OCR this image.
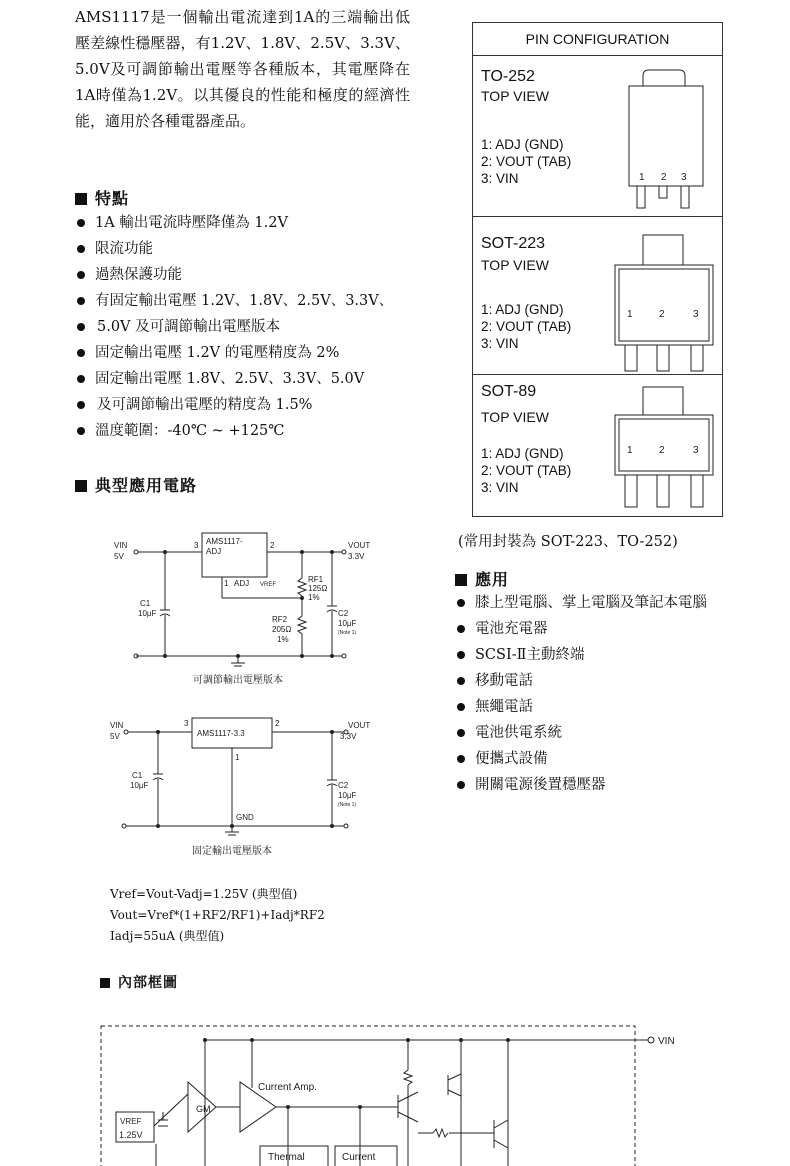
AMS1117是一個輸出電流達到1A的三端輸出低壓差線性穩壓器，有1.2V、1.8V、2.5V、3.3V、5.0V及可調節輸出電壓等各種版本，其電壓降在1A時僅為1.2V。以其優良的性能和極度的經濟性能，適用於各種電器產品。
特點
1A 輸出電流時壓降僅為 1.2V
限流功能
過熱保護功能
有固定輸出電壓 1.2V、1.8V、2.5V、3.3V、
5.0V 及可調節輸出電壓版本
固定輸出電壓 1.2V 的電壓精度為 2%
固定輸出電壓 1.8V、2.5V、3.3V、5.0V
及可調節輸出電壓的精度為 1.5%
溫度範圍：-40℃ ~ +125℃
典型應用電路
VIN
5V
AMS1117-
ADJ
3	2
1 ADJ VREF
VOUT
3.3V
RF1
125Ω
1%
RF2
205Ω
1%
C1
10μF	C2
10μF
(Note 1)
可調節輸出電壓版本
VIN
5V	AMS1117-3.3
3	2
1
GND
VOUT
3.3V
C1
10μF	C2
10μF
(Note 1)
固定輸出電壓版本
Vref=Vout-Vadj=1.25V (典型值)
Vout=Vref*(1+RF2/RF1)+Iadj*RF2
Iadj=55uA (典型值)
內部框圖
VIN
GM
Current Amp.
VREF
1.25V
Thermal	Current
PIN CONFIGURATION
TO-252
TOP VIEW
1: ADJ (GND)
2: VOUT (TAB)
3: VIN	1 2 3
SOT-223
TOP VIEW
1: ADJ (GND)
2: VOUT (TAB)
3: VIN
1	2	3
SOT-89
TOP VIEW
1: ADJ (GND)
2: VOUT (TAB)
3: VIN
1	2	3
(常用封裝為 SOT-223、TO-252)
應用
膝上型電腦、掌上電腦及筆記本電腦
電池充電器
SCSI-Ⅱ主動終端
移動電話
無繩電話
電池供電系統
便攜式設備
開關電源後置穩壓器
